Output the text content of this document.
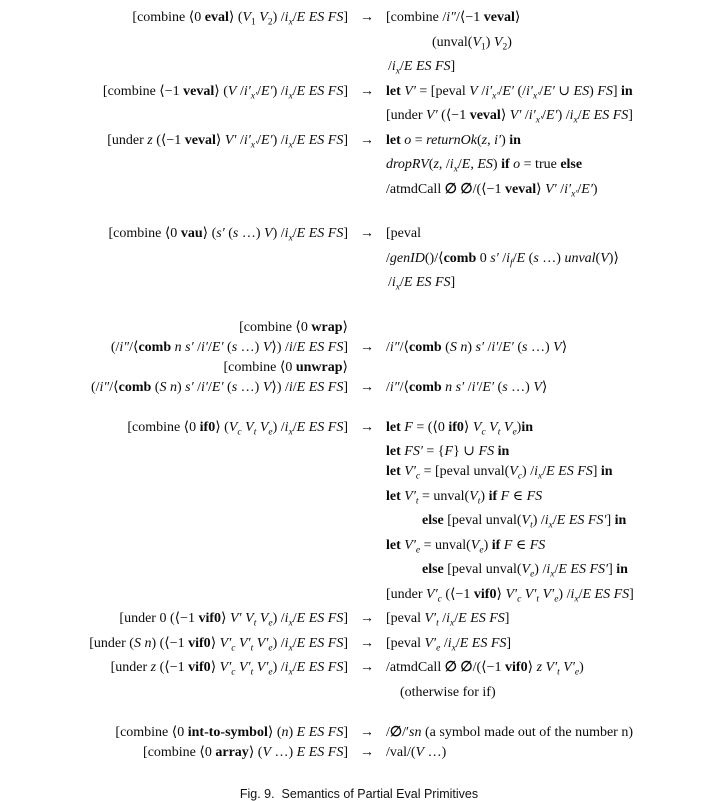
[combine ⟨0 eval⟩ ($V_1$ $V_2$) $/i_x/E$ ES FS] → [combine /i″/⟨−1 veval⟩
($unval(V_1)$ $V_2$)
$/i_x/E$ ES FS]
[combine ⟨−1 veval⟩ (V $/i'_{x'}/E'$) $/i_x/E$ ES FS] → let V′ = [peval V $/i'_{x'}/E'$ ($/i'_{x'}/E'$ ∪ ES) FS] in
[under V′ (⟨−1 veval⟩ V′ $/i'_{x'}/E'$) $/i_x/E$ ES FS]
[under z (⟨−1 veval⟩ V′ $/i'_{x'}/E'$) $/i_x/E$ ES FS] → let o = returnOk(z, i′) in
dropRV(z, $/i_x/E$, ES) if o = true else
/atmdCall ∅ ∅/(⟨−1 veval⟩ V′ $/i'_{x'}/E'$)
[combine ⟨0 vau⟩ (s′ (s …) V) $/i_x/E$ ES FS] → [peval
/genID()/⟨comb 0 s′ $/i_f/E$ (s …) unval(V)⟩
$/i_x/E$ ES FS]
[combine ⟨0 wrap⟩
(/i″/⟨comb n s′ /i′/E′ (s …) V⟩) /i/E ES FS] → /i″/⟨comb (S n) s′ /i′/E′ (s …) V⟩
[combine ⟨0 unwrap⟩
(/i″/⟨comb (S n) s′ /i′/E′ (s …) V⟩) /i/E ES FS] → /i″/⟨comb n s′ /i′/E′ (s …) V⟩
[combine ⟨0 if0⟩ ($V_c$ $V_t$ $V_e$) $/i_x/E$ ES FS] → let F = (⟨0 if0⟩ $V_c$ $V_t$ $V_e)in$
let FS′ = {F} ∪ FS in
let $V'_c$ = [peval $unval(V_c)$ $/i_x/E$ ES FS] in
let $V'_t$ = $unval(V_t)$ if F ∈ FS
else [peval $unval(V_t)$ $/i_x/E$ ES FS′] in
let $V'_e$ = $unval(V_e)$ if F ∈ FS
else [peval $unval(V_e)$ $/i_x/E$ ES FS′] in
[under $V'_c$ (⟨−1 vif0⟩ $V'_c$ $V'_t$ $V'_e$) $/i_x/E$ ES FS]
[under 0 (⟨−1 vif0⟩ V′ $V_t$ $V_e$) $/i_x/E$ ES FS] → [peval $V'_t$ $/i_x/E$ ES FS]
[under (S n) (⟨−1 vif0⟩ $V'_c$ $V'_t$ $V'_e$) $/i_x/E$ ES FS] → [peval $V'_e$ $/i_x/E$ ES FS]
[under z (⟨−1 vif0⟩ $V'_c$ $V'_t$ $V'_e$) $/i_x/E$ ES FS] → /atmdCall ∅ ∅/(⟨−1 vif0⟩ z $V'_t$ $V'_e$)
(otherwise for if)
[combine ⟨0 int-to-symbol⟩ (n) E ES FS] → /∅/′sn (a symbol made out of the number n)
[combine ⟨0 array⟩ (V …) E ES FS] → /val/(V …)
Fig. 9.  Semantics of Partial Eval Primitives
